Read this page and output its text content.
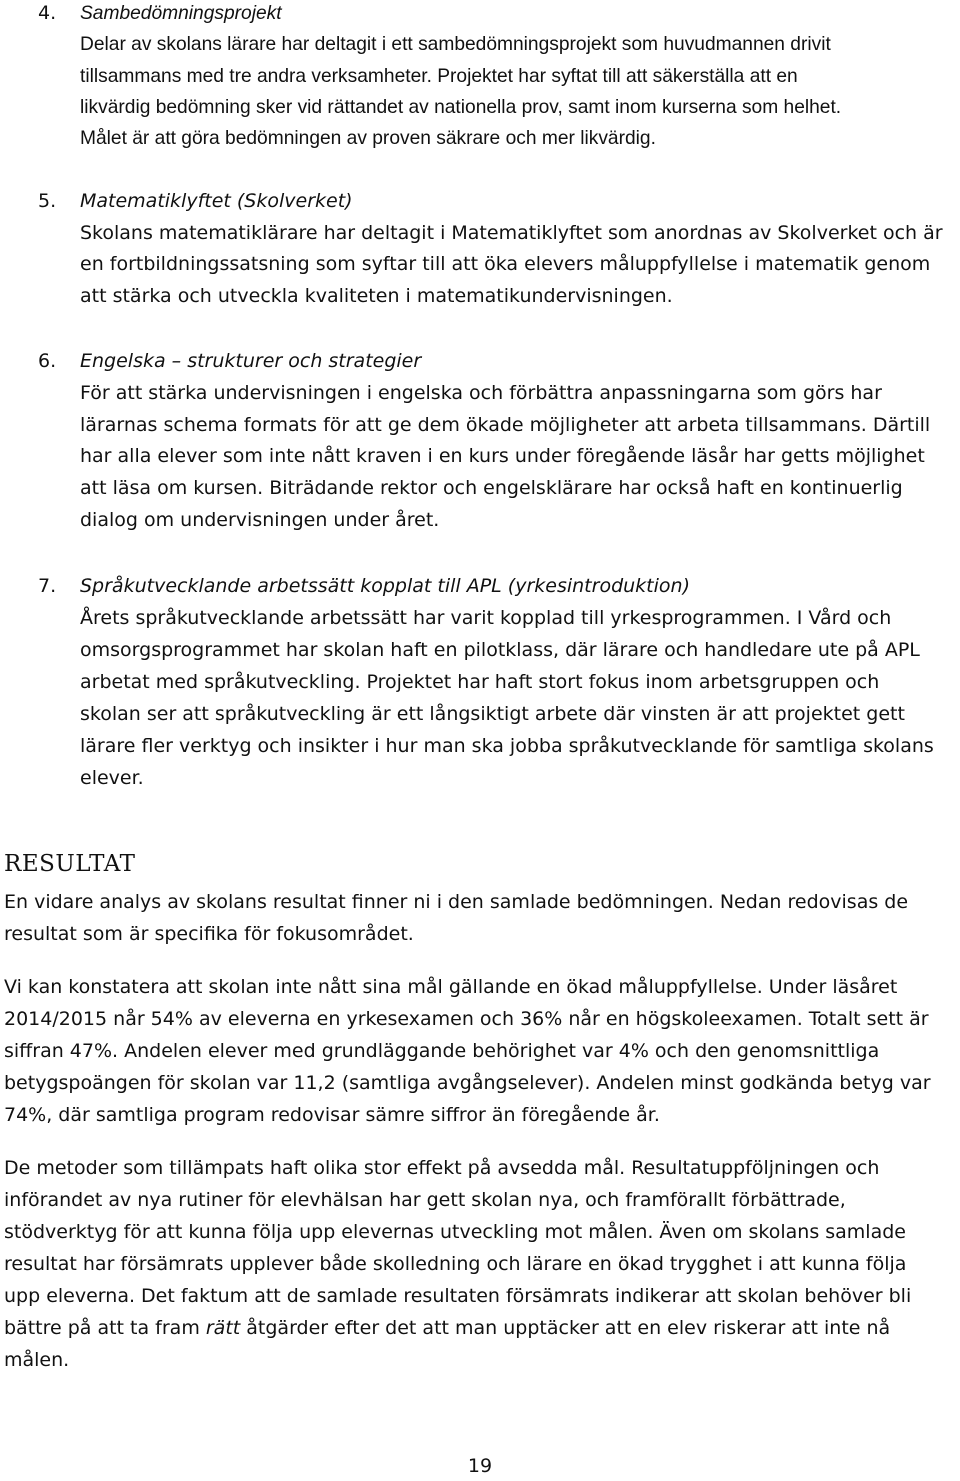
4.	Sambedömningsprojekt
Delar av skolans lärare har deltagit i ett sambedömningsprojekt som huvudmannen drivit
tillsammans med tre andra verksamheter. Projektet har syftat till att säkerställa att en
likvärdig bedömning sker vid rättandet av nationella prov, samt inom kurserna som helhet.
Målet är att göra bedömningen av proven säkrare och mer likvärdig.
5.	Matematiklyftet (Skolverket)
Skolans matematiklärare har deltagit i Matematiklyftet som anordnas av Skolverket och är
en fortbildningssatsning som syftar till att öka elevers måluppfyllelse i matematik genom
att stärka och utveckla kvaliteten i matematikundervisningen.
6.	Engelska – strukturer och strategier
För att stärka undervisningen i engelska och förbättra anpassningarna som görs har
lärarnas schema formats för att ge dem ökade möjligheter att arbeta tillsammans. Därtill
har alla elever som inte nått kraven i en kurs under föregående läsår har getts möjlighet
att läsa om kursen. Biträdande rektor och engelsklärare har också haft en kontinuerlig
dialog om undervisningen under året.
7.	Språkutvecklande arbetssätt kopplat till APL (yrkesintroduktion)
Årets språkutvecklande arbetssätt har varit kopplad till yrkesprogrammen. I Vård och
omsorgsprogrammet har skolan haft en pilotklass, där lärare och handledare ute på APL
arbetat med språkutveckling. Projektet har haft stort fokus inom arbetsgruppen och
skolan ser att språkutveckling är ett långsiktigt arbete där vinsten är att projektet gett
lärare fler verktyg och insikter i hur man ska jobba språkutvecklande för samtliga skolans
elever.
RESULTAT
En vidare analys av skolans resultat finner ni i den samlade bedömningen. Nedan redovisas de
resultat som är specifika för fokusområdet.
Vi kan konstatera att skolan inte nått sina mål gällande en ökad måluppfyllelse. Under läsåret
2014/2015 når 54% av eleverna en yrkesexamen och 36% når en högskoleexamen. Totalt sett är
siffran 47%. Andelen elever med grundläggande behörighet var 4% och den genomsnittliga
betygspoängen för skolan var 11,2 (samtliga avgångselever). Andelen minst godkända betyg var
74%, där samtliga program redovisar sämre siffror än föregående år.
De metoder som tillämpats haft olika stor effekt på avsedda mål. Resultatuppföljningen och
införandet av nya rutiner för elevhälsan har gett skolan nya, och framförallt förbättrade,
stödverktyg för att kunna följa upp elevernas utveckling mot målen. Även om skolans samlade
resultat har försämrats upplever både skolledning och lärare en ökad trygghet i att kunna följa
upp eleverna. Det faktum att de samlade resultaten försämrats indikerar att skolan behöver bli
bättre på att ta fram rätt åtgärder efter det att man upptäcker att en elev riskerar att inte nå
målen.
19
